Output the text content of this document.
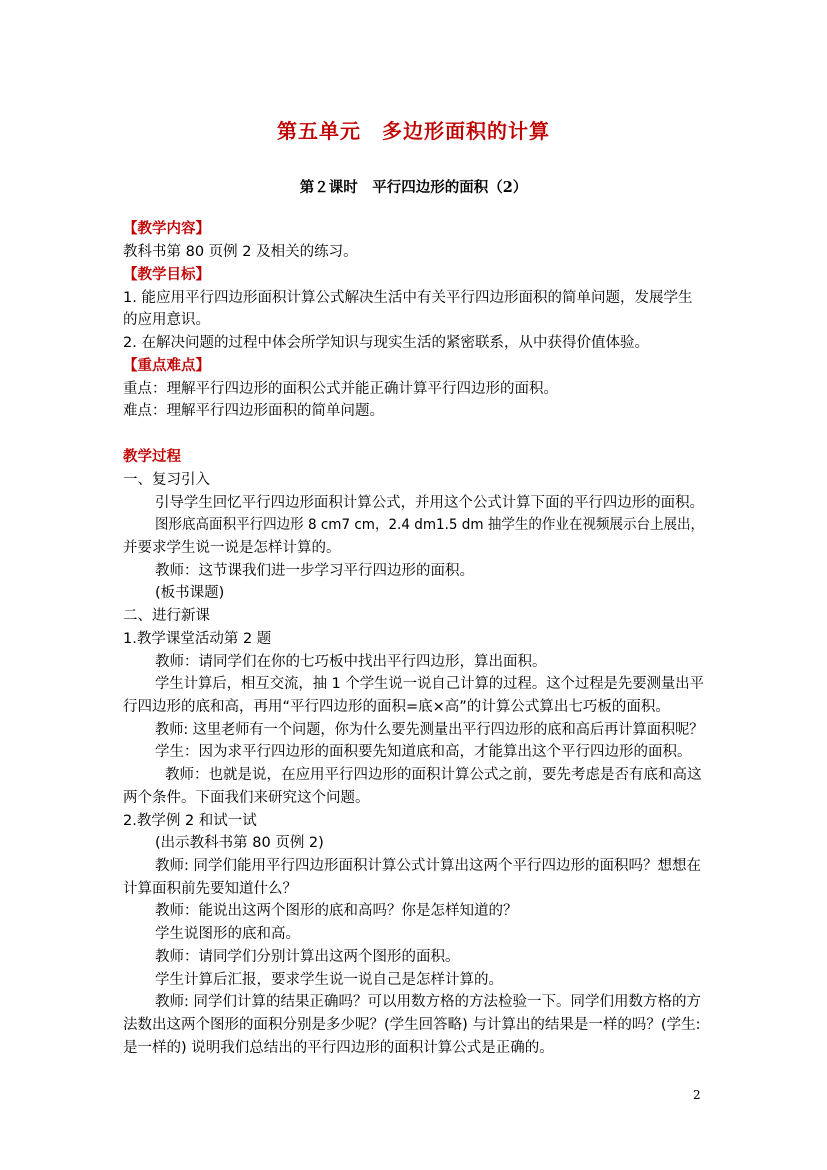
第五单元　多边形面积的计算
第２课时　平行四边形的面积（2）
【教学内容】
教科书第 80 页例 2 及相关的练习。
【教学目标】
1. 能应用平行四边形面积计算公式解决生活中有关平行四边形面积的简单问题，发展学生
的应用意识。
2. 在解决问题的过程中体会所学知识与现实生活的紧密联系，从中获得价值体验。
【重点难点】
重点：理解平行四边形的面积公式并能正确计算平行四边形的面积。
难点：理解平行四边形面积的简单问题。
教学过程
一、复习引入
引导学生回忆平行四边形面积计算公式，并用这个公式计算下面的平行四边形的面积。
图形底高面积平行四边形 8 cm7 cm，2.4 dm1.5 dm 抽学生的作业在视频展示台上展出，
并要求学生说一说是怎样计算的。
教师：这节课我们进一步学习平行四边形的面积。
(板书课题)
二、进行新课
1.教学课堂活动第 2 题
教师：请同学们在你的七巧板中找出平行四边形，算出面积。
学生计算后，相互交流，抽 1 个学生说一说自己计算的过程。这个过程是先要测量出平
行四边形的底和高，再用“平行四边形的面积=底×高”的计算公式算出七巧板的面积。
教师: 这里老师有一个问题，你为什么要先测量出平行四边形的底和高后再计算面积呢？
学生：因为求平行四边形的面积要先知道底和高，才能算出这个平行四边形的面积。
教师：也就是说，在应用平行四边形的面积计算公式之前，要先考虑是否有底和高这
两个条件。下面我们来研究这个问题。
2.教学例 2 和试一试
(出示教科书第 80 页例 2)
教师: 同学们能用平行四边形面积计算公式计算出这两个平行四边形的面积吗？想想在
计算面积前先要知道什么？
教师：能说出这两个图形的底和高吗？你是怎样知道的？
学生说图形的底和高。
教师：请同学们分别计算出这两个图形的面积。
学生计算后汇报，要求学生说一说自己是怎样计算的。
教师: 同学们计算的结果正确吗？可以用数方格的方法检验一下。同学们用数方格的方
法数出这两个图形的面积分别是多少呢？(学生回答略) 与计算出的结果是一样的吗？(学生:
是一样的) 说明我们总结出的平行四边形的面积计算公式是正确的。
2
